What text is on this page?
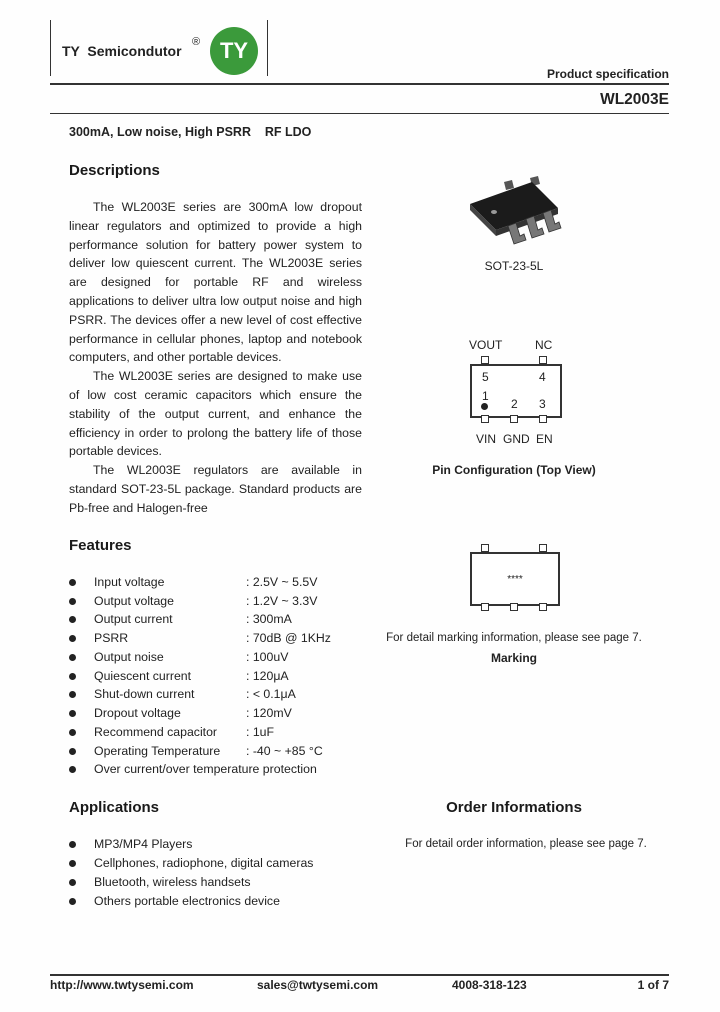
TY  Semicondutor
® TY
Product specification
WL2003E
300mA, Low noise, High PSRR    RF LDO
Descriptions

The WL2003E series are 300mA low dropout linear regulators and optimized to provide a high performance solution for battery power system to deliver low quiescent current. The WL2003E series are designed for portable RF and wireless applications to deliver ultra low output noise and high PSRR. The devices offer a new level of cost effective performance in cellular phones, laptop and notebook computers, and other portable devices.

The WL2003E series are designed to make use of low cost ceramic capacitors which ensure the stability of the output current, and enhance the efficiency in order to prolong the battery life of those portable devices.

The WL2003E regulators are available in standard SOT-23-5L package. Standard products are Pb-free and Halogen-free

SOT-23-5L
VOUT	NC
5	4
1
2 3
VIN GND EN
Pin Configuration (Top View)
Features
Input voltage	: 2.5V ~ 5.5V
Output voltage	: 1.2V ~ 3.3V
Output current	: 300mA
PSRR	: 70dB @ 1KHz
Output noise	: 100uV
Quiescent current	: 120μA
Shut-down current	: < 0.1μA
Dropout voltage	: 120mV
Recommend capacitor : 1uF
Operating Temperature : -40 ~ +85 °C
Over current/over temperature protection
****
For detail marking information, please see page 7.
Marking
Applications
MP3/MP4 Players
Cellphones, radiophone, digital cameras
Bluetooth, wireless handsets
Others portable electronics device
Order Informations
For detail order information, please see page 7.
http://www.twtysemi.com	sales@twtysemi.com	4008-318-123	1 of 7
